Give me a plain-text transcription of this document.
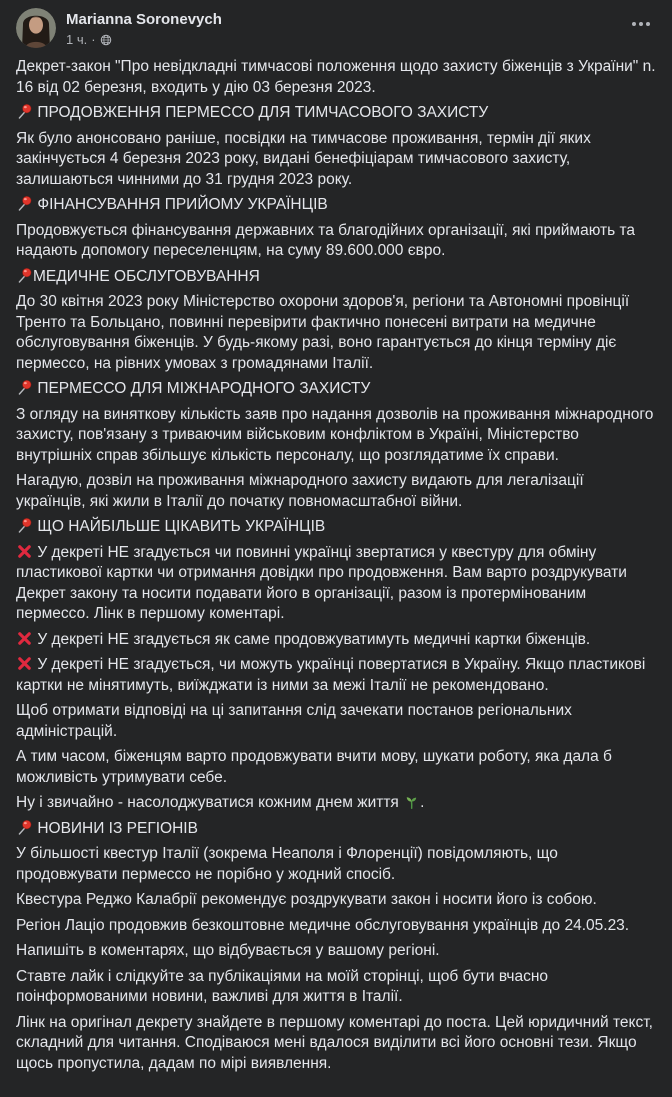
Marianna Soronevych
1 ч. ·

Декрет-закон "Про невідкладні тимчасові положення щодо захисту біженців з України" n. 16 від 02 березня, входить у дію 03 березня 2023.

ПРОДОВЖЕННЯ ПЕРМЕССО ДЛЯ ТИМЧАСОВОГО ЗАХИСТУ

Як було анонсовано раніше, посвідки на тимчасове проживання, термін дії яких закінчується 4 березня 2023 року, видані бенефіціарам тимчасового захисту, залишаються чинними до 31 грудня 2023 року.

ФІНАНСУВАННЯ ПРИЙОМУ УКРАЇНЦІВ

Продовжується фінансування державних та благодійних організації, які приймають та надають допомогу переселенцям, на суму 89.600.000 євро.

МЕДИЧНЕ ОБСЛУГОВУВАННЯ

До 30 квітня 2023 року Міністерство охорони здоров'я, регіони та Автономні провінції Тренто та Больцано, повинні перевірити фактично понесені витрати на медичне обслуговування біженців. У будь-якому разі, воно гарантується до кінця терміну діє пермессо, на рівних умовах з громадянами Італії.

ПЕРМЕССО ДЛЯ МІЖНАРОДНОГО ЗАХИСТУ

З огляду на виняткову кількість заяв про надання дозволів на проживання міжнародного захисту, пов'язану з триваючим військовим конфліктом в Україні, Міністерство внутрішніх справ збільшує кількість персоналу, що розглядатиме їх справи.

Нагадую, дозвіл на проживання міжнародного захисту видають для легалізації українців, які жили в Італії до початку повномасштабної війни.

ЩО НАЙБІЛЬШЕ ЦІКАВИТЬ УКРАЇНЦІВ

У декреті НЕ згадується чи повинні українці звертатися у квестуру для обміну пластикової картки чи отримання довідки про продовження. Вам варто роздрукувати Декрет закону та носити подавати його в організації, разом із протермінованим пермессо. Лінк в першому коментарі.

У декреті НЕ згадується як саме продовжуватимуть медичні картки біженців.

У декреті НЕ згадується, чи можуть українці повертатися в Україну. Якщо пластикові картки не мінятимуть, виїжджати із ними за межі Італії не рекомендовано.

Щоб отримати відповіді на ці запитання слід зачекати постанов регіональних адміністрацій.

А тим часом, біженцям варто продовжувати вчити мову, шукати роботу, яка дала б можливість утримувати себе.

Ну і звичайно - насолоджуватися кожним днем життя .

НОВИНИ ІЗ РЕГІОНІВ

У більшості квестур Італії (зокрема Неаполя і Флоренції) повідомляють, що продовжувати пермессо не порібно у жодний спосіб.

Квестура Реджо Калабрії рекомендує роздрукувати закон і носити його із собою.

Регіон Лаціо продовжив безкоштовне медичне обслуговування українців до 24.05.23.

Напишіть в коментарях, що відбувається у вашому регіоні.

Ставте лайк і слідкуйте за публікаціями на моїй сторінці, щоб бути вчасно поінформованими новини, важливі для життя в Італії.

Лінк на оригінал декрету знайдете в першому коментарі до поста. Цей юридичний текст, складний для читання. Сподіваюся мені вдалося виділити всі його основні тези. Якщо щось пропустила, дадам по мірі виявлення.
